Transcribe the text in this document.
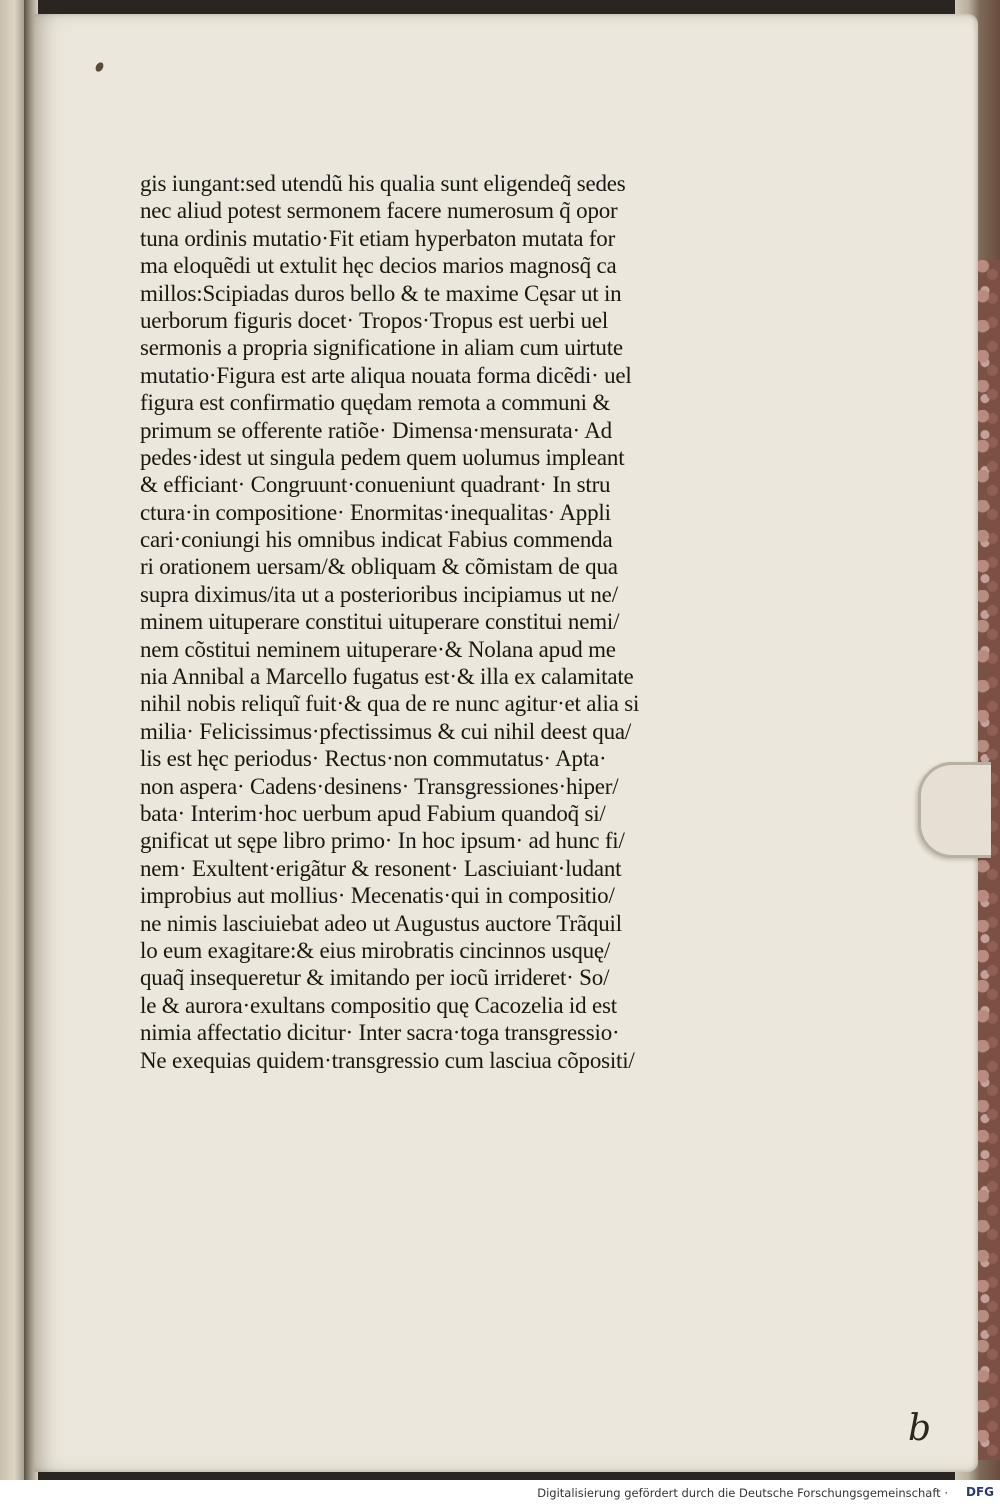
gis iungant:sed utendũ his qualia sunt eligendeq̃ sedes
nec aliud potest sermonem facere numerosum q̃ opor
tuna ordinis mutatio·Fit etiam hyperbaton mutata for
ma eloquẽdi ut extulit hęc decios marios magnosq̃ ca
millos:Scipiadas duros bello & te maxime Cęsar ut in
uerborum figuris docet· Tropos·Tropus est uerbi uel
sermonis a propria significatione in aliam cum uirtute
mutatio·Figura est arte aliqua nouata forma dicẽdi· uel
figura est confirmatio quędam remota a communi &
primum se offerente ratiõe· Dimensa·mensurata· Ad
pedes·idest ut singula pedem quem uolumus impleant
& efficiant· Congruunt·conueniunt quadrant· In stru
ctura·in compositione· Enormitas·inequalitas· Appli
cari·coniungi his omnibus indicat Fabius commenda
ri orationem uersam/& obliquam & cõmistam de qua
supra diximus/ita ut a posterioribus incipiamus ut ne/
minem uituperare constitui uituperare constitui nemi/
nem cõstitui neminem uituperare·& Nolana apud me
nia Annibal a Marcello fugatus est·& illa ex calamitate
nihil nobis reliquĩ fuit·& qua de re nunc agitur·et alia si
milia· Felicissimus·pfectissimus & cui nihil deest qua/
lis est hęc periodus· Rectus·non commutatus· Apta·
non aspera· Cadens·desinens· Transgressiones·hiper/
bata· Interim·hoc uerbum apud Fabium quandoq̃ si/
gnificat ut sępe libro primo· In hoc ipsum· ad hunc fi/
nem· Exultent·erigãtur & resonent· Lasciuiant·ludant
improbius aut mollius· Mecenatis·qui in compositio/
ne nimis lasciuiebat adeo ut Augustus auctore Trãquil
lo eum exagitare:& eius mirobratis cincinnos usquę/
quaq̃ insequeretur & imitando per iocũ irrideret· So/
le & aurora·exultans compositio quę Cacozelia id est
nimia affectatio dicitur· Inter sacra·toga transgressio·
Ne exequias quidem·transgressio cum lasciua cõpositi/
b
Digitalisierung gefördert durch die Deutsche Forschungsgemeinschaft · DFG
